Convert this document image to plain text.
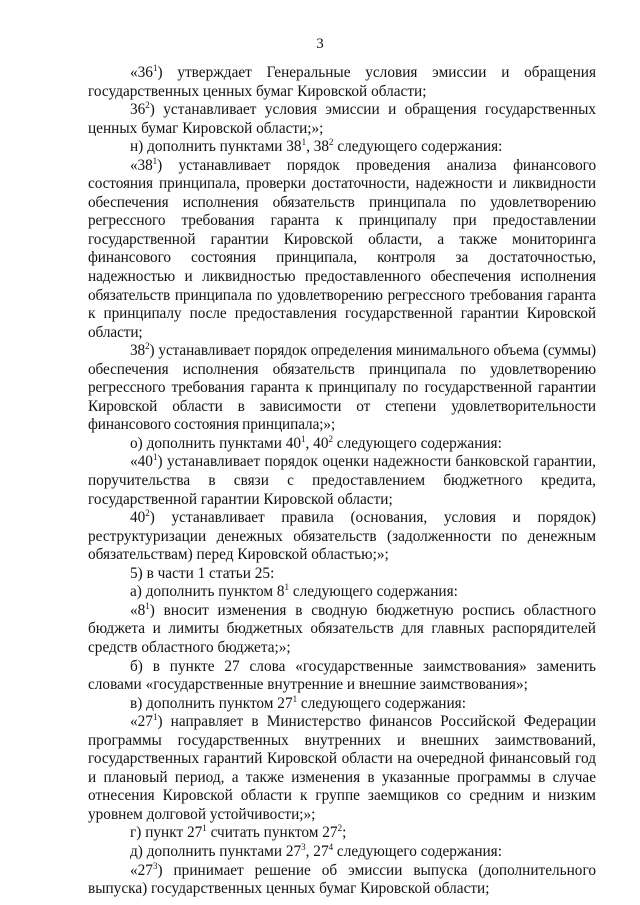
3

«$36^1$) утверждает Генеральные условия эмиссии и обращения государственных ценных бумаг Кировской области;

$36^2$) устанавливает условия эмиссии и обращения государственных ценных бумаг Кировской области;»;

н) дополнить пунктами $38^1$, $38^2$ следующего содержания:

«$38^1$) устанавливает порядок проведения анализа финансового состояния принципала, проверки достаточности, надежности и ликвидности обеспечения исполнения обязательств принципала по удовлетворению регрессного требования гаранта к принципалу при предоставлении государственной гарантии Кировской области, а также мониторинга финансового состояния принципала, контроля за достаточностью, надежностью и ликвидностью предоставленного обеспечения исполнения обязательств принципала по удовлетворению регрессного требования гаранта к принципалу после предоставления государственной гарантии Кировской области;

$38^2$) устанавливает порядок определения минимального объема (суммы) обеспечения исполнения обязательств принципала по удовлетворению регрессного требования гаранта к принципалу по государственной гарантии Кировской области в зависимости от степени удовлетворительности финансового состояния принципала;»;

о) дополнить пунктами $40^1$, $40^2$ следующего содержания:

«$40^1$) устанавливает порядок оценки надежности банковской гарантии, поручительства в связи с предоставлением бюджетного кредита, государственной гарантии Кировской области;

$40^2$) устанавливает правила (основания, условия и порядок) реструктуризации денежных обязательств (задолженности по денежным обязательствам) перед Кировской областью;»;

5) в части 1 статьи 25:

а) дополнить пунктом $8^1$ следующего содержания:

«$8^1$) вносит изменения в сводную бюджетную роспись областного бюджета и лимиты бюджетных обязательств для главных распорядителей средств областного бюджета;»;

б) в пункте 27 слова «государственные заимствования» заменить словами «государственные внутренние и внешние заимствования»;

в) дополнить пунктом $27^1$ следующего содержания:

«$27^1$) направляет в Министерство финансов Российской Федерации программы государственных внутренних и внешних заимствований, государственных гарантий Кировской области на очередной финансовый год и плановый период, а также изменения в указанные программы в случае отнесения Кировской области к группе заемщиков со средним и низким уровнем долговой устойчивости;»;

г) пункт $27^1$ считать пунктом $27^2$;

д) дополнить пунктами $27^3$, $27^4$ следующего содержания:

«$27^3$) принимает решение об эмиссии выпуска (дополнительного выпуска) государственных ценных бумаг Кировской области;
